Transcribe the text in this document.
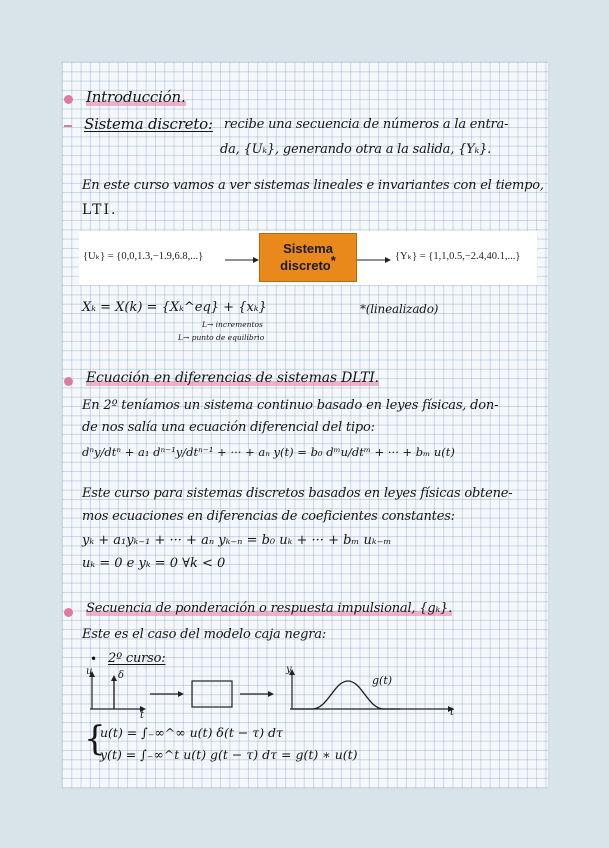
Introducción.
Sistema discreto: recibe una secuencia de números a la entra-
da, {Uₖ}, generando otra a la salida, {Yₖ}.
En este curso vamos a ver sistemas lineales e invariantes con el tiempo,
LTI.
{Uₖ} = {0,0,1.3,−1.9,6.8,...}
Sistema
discreto*	{Yₖ} = {1,1,0.5,−2.4,40.1,...}
Xₖ = X(k) = {Xₖ^eq} + {xₖ}
L→ incrementos
L→ punto de equilibrio
*(linealizado)
Ecuación en diferencias de sistemas DLTI.
En 2º teníamos un sistema continuo basado en leyes físicas, don-
de nos salía una ecuación diferencial del tipo:
dⁿy/dtⁿ + a₁ dⁿ⁻¹y/dtⁿ⁻¹ + ··· + aₙ y(t) = b₀ dᵐu/dtᵐ + ··· + bₘ u(t)
Este curso para sistemas discretos basados en leyes físicas obtene-
mos ecuaciones en diferencias de coeficientes constantes:
yₖ + a₁yₖ₋₁ + ··· + aₙ yₖ₋ₙ = b₀ uₖ + ··· + bₘ uₖ₋ₘ
uₖ = 0 e yₖ = 0 ∀k < 0
Secuencia de ponderación o respuesta impulsional, {gₖ}.
Este es el caso del modelo caja negra:
• 2º curso:
u	δ
t
y
t
g(t)
{
u(t) = ∫₋∞^∞ u(t) δ(t − τ) dτ
y(t) = ∫₋∞^t u(t) g(t − τ) dτ = g(t) ∗ u(t)
